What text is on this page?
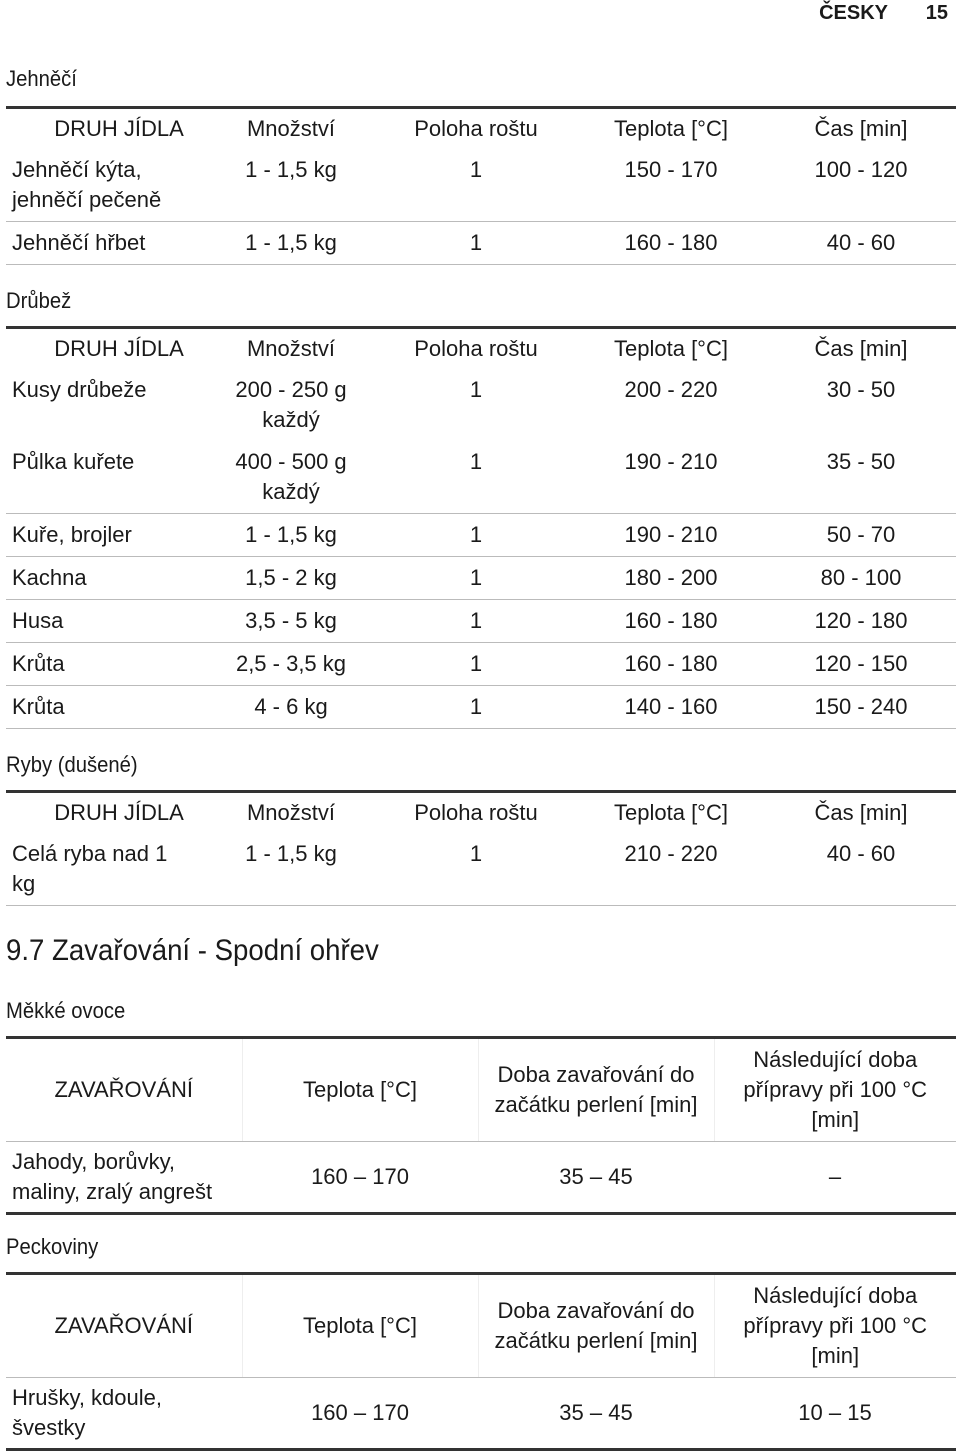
ČESKY 15
Jehněčí
DRUH JÍDLA	Množství	Poloha roštu	Teplota [°C]	Čas [min]

Jehněčí kýta, jehněčí pečeně	1 - 1,5 kg	1	150 - 170	100 - 120

Jehněčí hřbet	1 - 1,5 kg	1	160 - 180	40 - 60
Drůbež
DRUH JÍDLA	Množství	Poloha roštu	Teplota [°C]	Čas [min]

Kusy drůbeže	200 - 250 g každý	1	200 - 220	30 - 50

Půlka kuřete	400 - 500 g každý	1	190 - 210	35 - 50

Kuře, brojler	1 - 1,5 kg	1	190 - 210	50 - 70

Kachna	1,5 - 2 kg	1	180 - 200	80 - 100

Husa	3,5 - 5 kg	1	160 - 180	120 - 180

Krůta	2,5 - 3,5 kg	1	160 - 180	120 - 150

Krůta	4 - 6 kg	1	140 - 160	150 - 240
Ryby (dušené)
DRUH JÍDLA	Množství	Poloha roštu	Teplota [°C]	Čas [min]

Celá ryba nad 1 kg	1 - 1,5 kg	1	210 - 220	40 - 60
9.7 Zavařování - Spodní ohřev
Měkké ovoce
ZAVAŘOVÁNÍ	Teplota [°C]	Doba zavařování do začátku perlení [min]	Následující doba přípravy při 100 °C [min]

Jahody, borůvky, maliny, zralý angrešt	160 – 170	35 – 45	–
Peckoviny
ZAVAŘOVÁNÍ	Teplota [°C]	Doba zavařování do začátku perlení [min]	Následující doba přípravy při 100 °C [min]

Hrušky, kdoule, švestky	160 – 170	35 – 45	10 – 15
